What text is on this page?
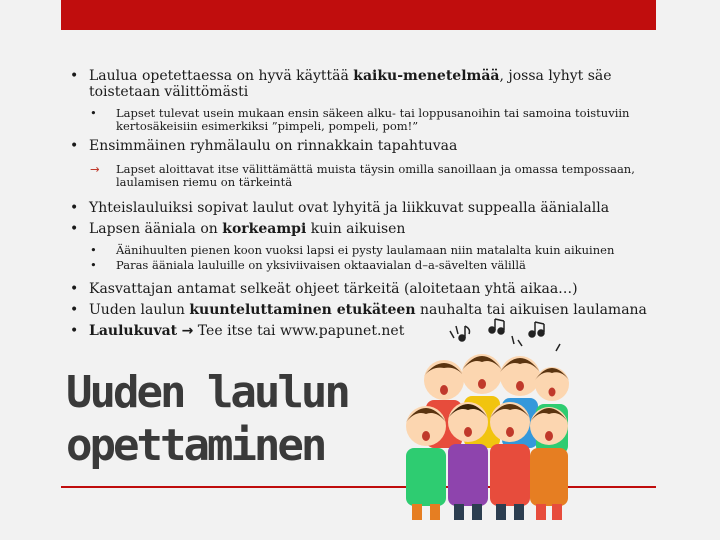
• Laulua opetettaessa on hyvä käyttää kaiku-menetelmää, jossa lyhyt säe toistetaan välittömästi
• Lapset tulevat usein mukaan ensin säkeen alku- tai loppusanoihin tai samoina toistuviin kertosäkeisiin esimerkiksi ”pimpeli, pompeli, pom!”
• Ensimmäinen ryhmälaulu on rinnakkain tapahtuvaa
→ Lapset aloittavat itse välittämättä muista täysin omilla sanoillaan ja omassa tempossaan, laulamisen riemu on tärkeintä
• Yhteislauluiksi sopivat laulut ovat lyhyitä ja liikkuvat suppealla äänialalla
• Lapsen ääniala on korkeampi kuin aikuisen
• Äänihuulten pienen koon vuoksi lapsi ei pysty laulamaan niin matalalta kuin aikuinen
• Paras ääniala lauluille on yksiviivaisen oktaavialan d–a-sävelten välillä
• Kasvattajan antamat selkeät ohjeet tärkeitä (aloitetaan yhtä aikaa…)
• Uuden laulun kuunteluttaminen etukäteen nauhalta tai aikuisen laulamana
• Laulukuvat → Tee itse tai www.papunet.net
Uuden laulun opettaminen
